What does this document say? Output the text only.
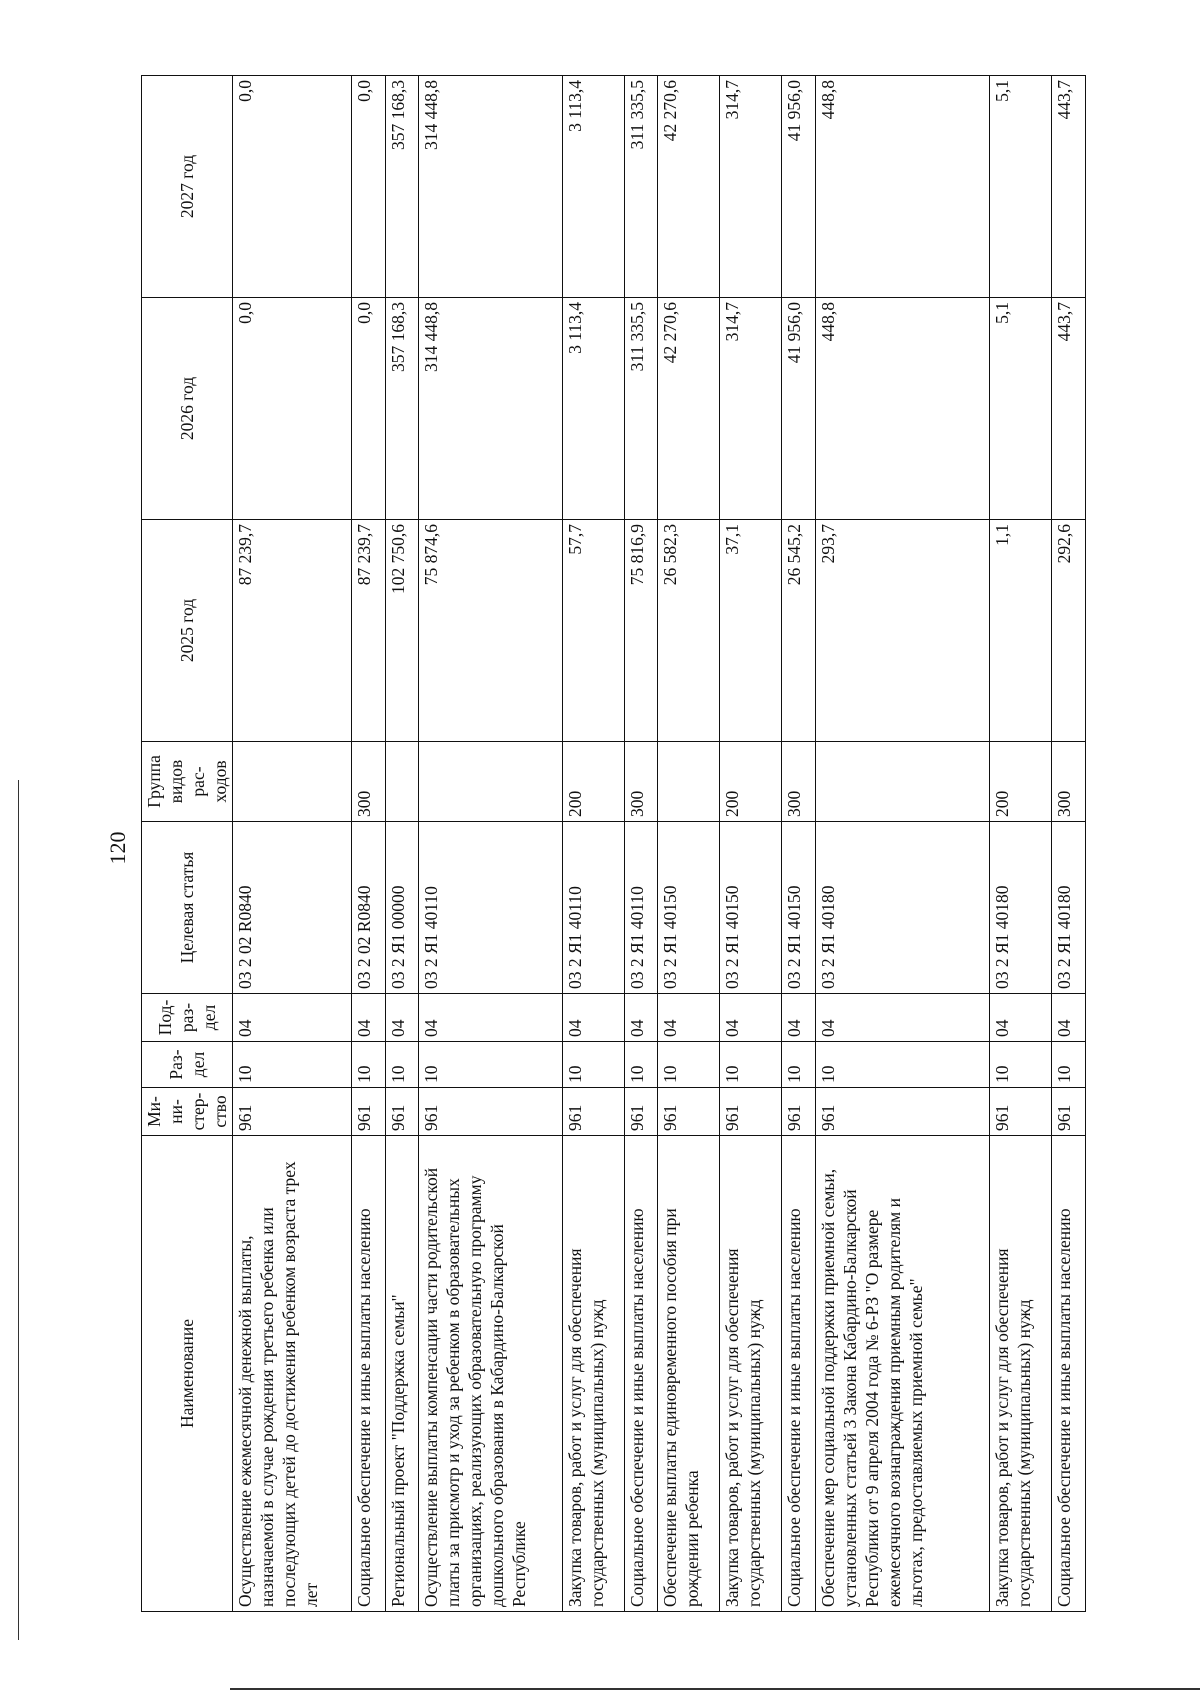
120
Наименование	Ми- ни- стер- ство	Раз- дел	Под- раз- дел	Целевая статья	Группа видов рас- ходов	2025 год	2026 год	2027 год
Осуществление ежемесячной денежной выплаты, назначаемой в случае рождения третьего ребенка или последующих детей до достижения ребенком возраста трех лет	961	10	04	03 2 02 R0840		87 239,7	0,0	0,0
Социальное обеспечение и иные выплаты населению	961	10	04	03 2 02 R0840	300	87 239,7	0,0	0,0
Региональный проект "Поддержка семьи"	961	10	04	03 2 Я1 00000		102 750,6	357 168,3	357 168,3
Осуществление выплаты компенсации части родительской платы за присмотр и уход за ребенком в образовательных организациях, реализующих образовательную программу дошкольного образования в Кабардино-Балкарской Республике	961	10	04	03 2 Я1 40110		75 874,6	314 448,8	314 448,8
Закупка товаров, работ и услуг для обеспечения государственных (муниципальных) нужд	961	10	04	03 2 Я1 40110	200	57,7	3 113,4	3 113,4
Социальное обеспечение и иные выплаты населению	961	10	04	03 2 Я1 40110	300	75 816,9	311 335,5	311 335,5
Обеспечение выплаты единовременного пособия при рождении ребенка	961	10	04	03 2 Я1 40150		26 582,3	42 270,6	42 270,6
Закупка товаров, работ и услуг для обеспечения государственных (муниципальных) нужд	961	10	04	03 2 Я1 40150	200	37,1	314,7	314,7
Социальное обеспечение и иные выплаты населению	961	10	04	03 2 Я1 40150	300	26 545,2	41 956,0	41 956,0
Обеспечение мер социальной поддержки приемной семьи, установленных статьей 3 Закона Кабардино-Балкарской Республики от 9 апреля 2004 года № 6-РЗ "О размере ежемесячного вознаграждения приемным родителям и льготах, предоставляемых приемной семье"	961	10	04	03 2 Я1 40180		293,7	448,8	448,8
Закупка товаров, работ и услуг для обеспечения государственных (муниципальных) нужд	961	10	04	03 2 Я1 40180	200	1,1	5,1	5,1
Социальное обеспечение и иные выплаты населению	961	10	04	03 2 Я1 40180	300	292,6	443,7	443,7
